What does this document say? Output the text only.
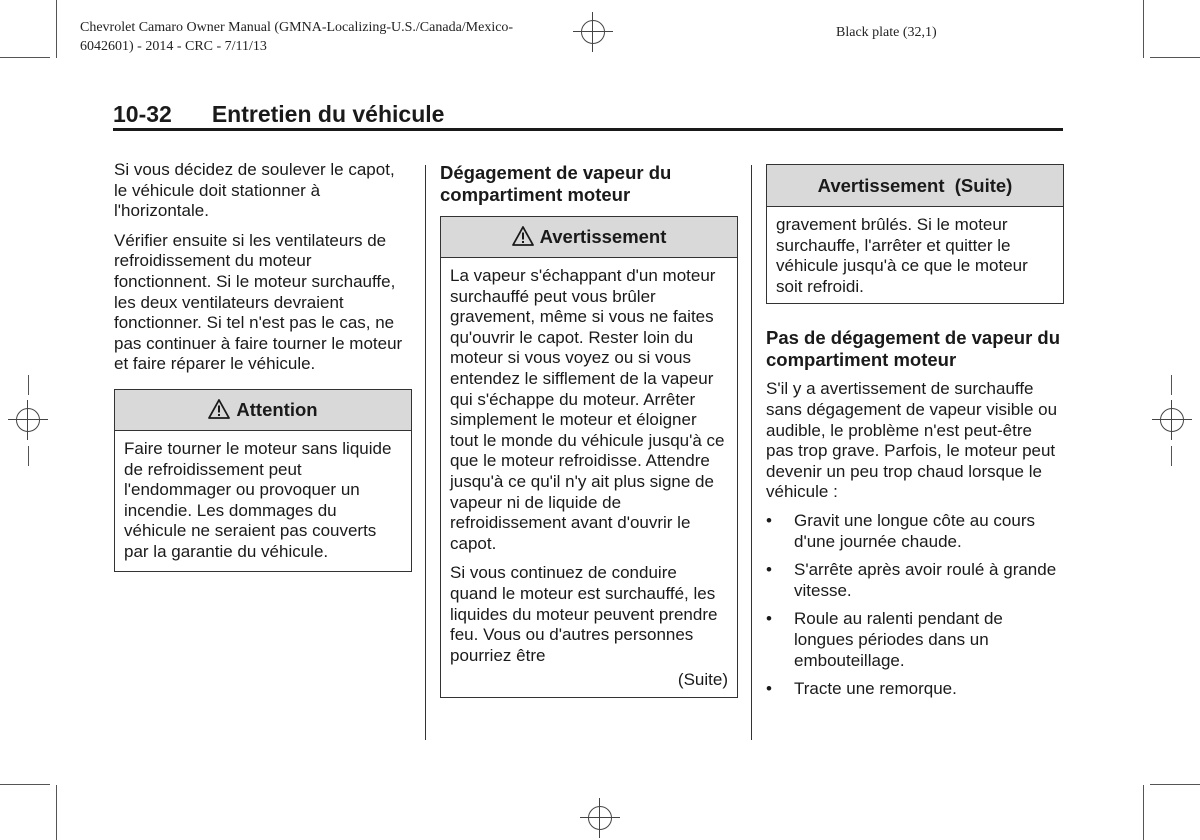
Chevrolet Camaro Owner Manual (GMNA-Localizing-U.S./Canada/Mexico-
6042601) - 2014 - CRC - 7/11/13
Black plate (32,1)
10-32 Entretien du véhicule

Si vous décidez de soulever le capot, le véhicule doit stationner à l'horizontale.

Vérifier ensuite si les ventilateurs de refroidissement du moteur fonctionnent. Si le moteur surchauffe, les deux ventilateurs devraient fonctionner. Si tel n'est pas le cas, ne pas continuer à faire tourner le moteur et faire réparer le véhicule.

Attention

Faire tourner le moteur sans liquide de refroidissement peut l'endommager ou provoquer un incendie. Les dommages du véhicule ne seraient pas couverts par la garantie du véhicule.

Dégagement de vapeur du compartiment moteur
Avertissement

La vapeur s'échappant d'un moteur surchauffé peut vous brûler gravement, même si vous ne faites qu'ouvrir le capot. Rester loin du moteur si vous voyez ou si vous entendez le sifflement de la vapeur qui s'échappe du moteur. Arrêter simplement le moteur et éloigner tout le monde du véhicule jusqu'à ce que le moteur refroidisse. Attendre jusqu'à ce qu'il n'y ait plus signe de vapeur ni de liquide de refroidissement avant d'ouvrir le capot.

Si vous continuez de conduire quand le moteur est surchauffé, les liquides du moteur peuvent prendre feu. Vous ou d'autres personnes pourriez être

(Suite)
Avertissement  (Suite)

gravement brûlés. Si le moteur surchauffe, l'arrêter et quitter le véhicule jusqu'à ce que le moteur soit refroidi.

Pas de dégagement de vapeur du compartiment moteur

S'il y a avertissement de surchauffe sans dégagement de vapeur visible ou audible, le problème n'est peut-être pas trop grave. Parfois, le moteur peut devenir un peu trop chaud lorsque le véhicule :

• Gravit une longue côte au cours d'une journée chaude.
• S'arrête après avoir roulé à grande vitesse.
• Roule au ralenti pendant de longues périodes dans un embouteillage.
• Tracte une remorque.
